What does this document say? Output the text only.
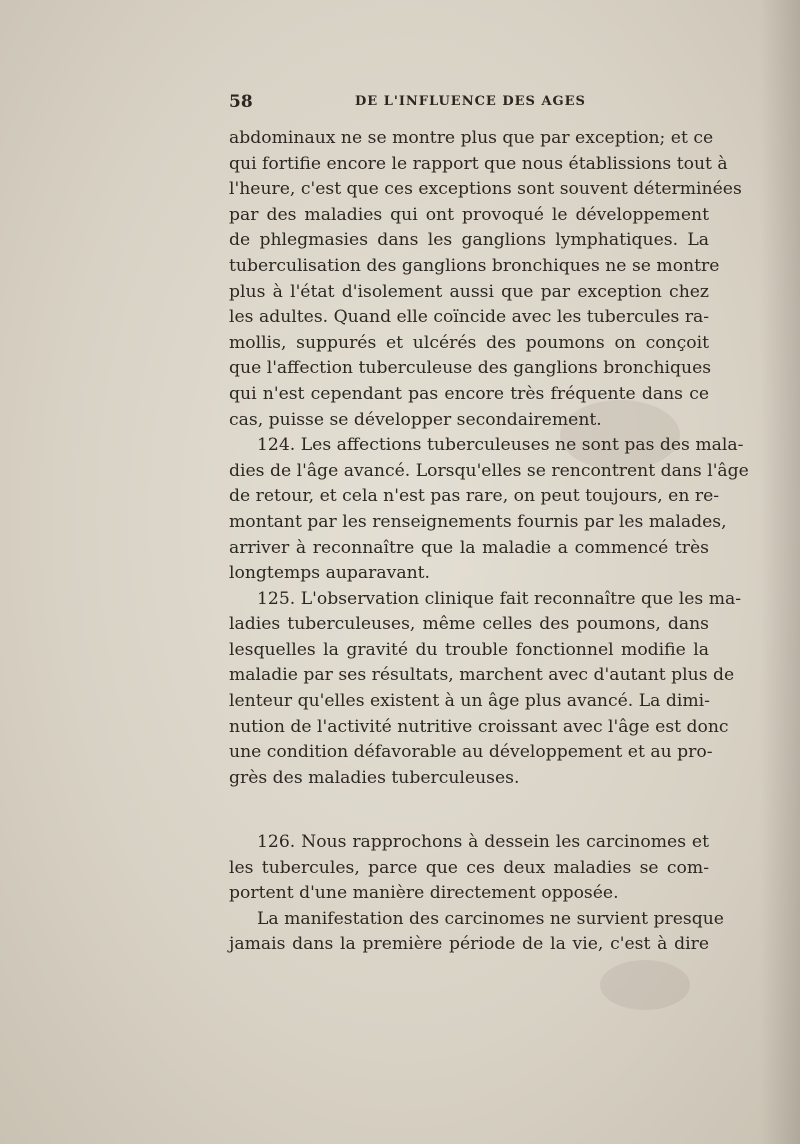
58	DE L'INFLUENCE DES AGES
abdominaux ne se montre plus que par exception; et ce
qui fortifie encore le rapport que nous établissions tout à
l'heure, c'est que ces exceptions sont souvent déterminées
par des maladies qui ont provoqué le développement
de phlegmasies dans les ganglions lymphatiques. La
tuberculisation des ganglions bronchiques ne se montre
plus à l'état d'isolement aussi que par exception chez
les adultes. Quand elle coïncide avec les tubercules ra-
mollis, suppurés et ulcérés des poumons on conçoit
que l'affection tuberculeuse des ganglions bronchiques
qui n'est cependant pas encore très fréquente dans ce
cas, puisse se développer secondairement.
124. Les affections tuberculeuses ne sont pas des mala-
dies de l'âge avancé. Lorsqu'elles se rencontrent dans l'âge
de retour, et cela n'est pas rare, on peut toujours, en re-
montant par les renseignements fournis par les malades,
arriver à reconnaître que la maladie a commencé très
longtemps auparavant.
125. L'observation clinique fait reconnaître que les ma-
ladies tuberculeuses, même celles des poumons, dans
lesquelles la gravité du trouble fonctionnel modifie la
maladie par ses résultats, marchent avec d'autant plus de
lenteur qu'elles existent à un âge plus avancé. La dimi-
nution de l'activité nutritive croissant avec l'âge est donc
une condition défavorable au développement et au pro-
grès des maladies tuberculeuses.
126. Nous rapprochons à dessein les carcinomes et
les tubercules, parce que ces deux maladies se com-
portent d'une manière directement opposée.
La manifestation des carcinomes ne survient presque
jamais dans la première période de la vie, c'est à dire
